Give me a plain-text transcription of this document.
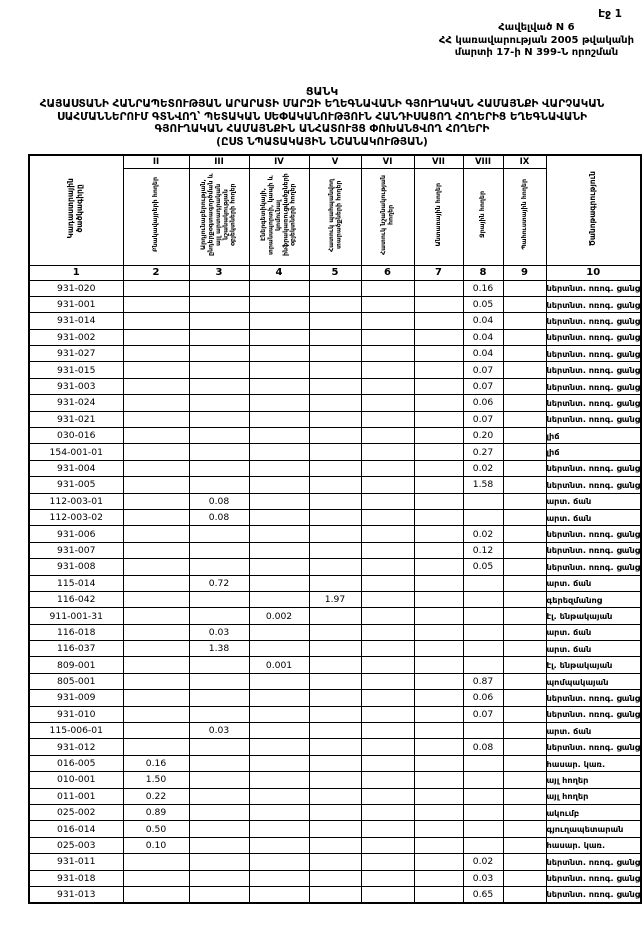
Էջ 1
Հավելված N 6
ՀՀ կառավարության 2005 թվականի
մարտի 17-ի N 399-Ն որոշման
ՑԱՆԿ
ՀԱՅԱՍՏԱՆԻ ՀԱՆՐԱՊԵՏՈՒԹՅԱՆ ԱՐԱՐԱՏԻ ՄԱՐԶԻ ԵՂԵԳՆԱՎԱՆԻ ԳՅՈՒՂԱԿԱՆ ՀԱՄԱՅՆՔԻ ՎԱՐՉԱԿԱՆ
ՍԱՀՄԱՆՆԵՐՈՒՄ ԳՏՆՎՈՂ՝ ՊԵՏԱԿԱՆ ՍԵՓԱԿԱՆՈՒԹՅՈՒՆ ՀԱՆԴԻՍԱՑՈՂ ՀՈՂԵՐԻՑ ԵՂԵԳՆԱՎԱՆԻ
ԳՅՈՒՂԱԿԱՆ ՀԱՄԱՅՆՔԻՆ ԱՆՀԱՏՈՒՅՑ ՓՈԽԱՆՑՎՈՂ ՀՈՂԵՐԻ
(ԸՍՏ ՆՊԱՏԱԿԱՅԻՆ ՆՇԱՆԱԿՈՒԹՅԱՆ)
Կադաստրային ծածկագիրը	II	III	IV	V	VI	VII	VIII	IX	Ծանոթագրություն
	Բնակավայրերի հողեր	Արդյունաբերության, ընդերքօգտագործման և այլ արտադրական նշանակության օբյեկտների հողեր	Էներգետիկայի, տրանսպորտի, կապի և կոմունալ ինֆրակառուցվածքների օբյեկտների հողեր	Հատուկ պահպանվող տարածքների հողեր	Հատուկ նշանակության հողեր	Անտառային հողեր	Ջրային հողեր	Պահուստային հողեր	
1	2	3	4	5	6	7	8	9	10
931-020							0.16		ներտնտ. ոռոգ. ցանց
931-001							0.05		ներտնտ. ոռոգ. ցանց
931-014							0.04		ներտնտ. ոռոգ. ցանց
931-002							0.04		ներտնտ. ոռոգ. ցանց
931-027							0.04		ներտնտ. ոռոգ. ցանց
931-015							0.07		ներտնտ. ոռոգ. ցանց
931-003							0.07		ներտնտ. ոռոգ. ցանց
931-024							0.06		ներտնտ. ոռոգ. ցանց
931-021							0.07		ներտնտ. ոռոգ. ցանց
030-016							0.20		լիճ
154-001-01							0.27		լիճ
931-004							0.02		ներտնտ. ոռոգ. ցանց
931-005							1.58		ներտնտ. ոռոգ. ցանց
112-003-01		0.08							արտ. ճան
112-003-02		0.08							արտ. ճան
931-006							0.02		ներտնտ. ոռոգ. ցանց
931-007							0.12		ներտնտ. ոռոգ. ցանց
931-008							0.05		ներտնտ. ոռոգ. ցանց
115-014		0.72							արտ. ճան
116-042				1.97					գերեզմանոց
911-001-31			0.002						էլ. ենթակայան
116-018		0.03							արտ. ճան
116-037		1.38							արտ. ճան
809-001			0.001						էլ. ենթակայան
805-001							0.87		պոմպակայան
931-009							0.06		ներտնտ. ոռոգ. ցանց
931-010							0.07		ներտնտ. ոռոգ. ցանց
115-006-01		0.03							արտ. ճան
931-012							0.08		ներտնտ. ոռոգ. ցանց
016-005	0.16								հասար. կառ.
010-001	1.50								այլ հողեր
011-001	0.22								այլ հողեր
025-002	0.89								ակումբ
016-014	0.50								գյուղապետարան
025-003	0.10								հասար. կառ.
931-011							0.02		ներտնտ. ոռոգ. ցանց
931-018							0.03		ներտնտ. ոռոգ. ցանց
931-013							0.65		ներտնտ. ոռոգ. ցանց
